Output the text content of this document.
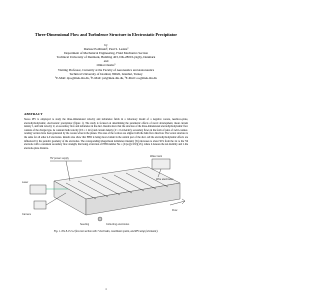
Three-Dimensional Flow and Turbulence Structure in Electrostatic Precipitator
by
Dariusz Podlinski¹, Paul S. Lesina²
Department of Mechanical Engineering, Fluid Mechanics Section
Technical University of Denmark, Building 403, DK-2800 Lyngby, Denmark
and
Olmar Ossmo³
Visiting Professor, Currently at the Faculty of Aeronautics and Astronautics
Technical University of Istanbul, 80626, Istanbul, Turkey
¹E-Mail: dpo@mek.dtu.dk, ²E-Mail: psl@mek.dtu.dk, ³E-Mail: oo@mek.dtu.dk
ABSTRACT
Stereo PIV is employed to study the three-dimensional velocity and turbulence fields in a laboratory model of a negative corona, needle-to-plate, electrohydrodynamic, electrostatic precipitator (figure 1). The study is focused on determining the parametric effects of novel development, mean current density J, and bulk velocity U, on secondary flow and turbulence in the duct. Results show that the structure of the three-dimensional electrohydrodynamic flow consists of the charged gas. At constant bulk velocity (Ub = 1 m/s) and current density (Jc = 0.4 mA/m²), secondary flows in the form of pairs of swirl-counter-rotating vortices have been generated by the corona wires in the planes. The axes of the vortices are aligned with the bulk flow direction. The vortex structure is the same for all other 4-9 electrodes. Results also show that EHD is being most evident in the central part of the duct. All the electrohydrodynamic effects are influenced by the periodic geometry of the electrodes. The corresponding image/mean turbulence intensity (Tu) increases to about 50% from the 1st to the 7th electrode with a consistent secondary flow strength, that being a function of EHD number Ne = (Jc/ρo)(L/Ub²)(1/b), where b denotes the ion mobility and L the electrode-plate distance.
HV power supply
Water tank
Laser
Camera
Collecting electrodes
Wire electrodes
Flow
Seeding
Fig. 1. The 8-15-5-2 flow test section with 7 electrodes, coordinate system, and PIV setup (schematic).
1
